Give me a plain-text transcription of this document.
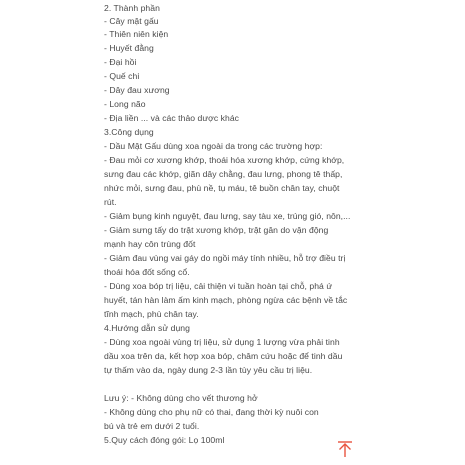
2. Thành phần
- Cây mật gấu
- Thiên niên kiện
- Huyết đằng
- Đại hồi
- Quế chi
- Dây đau xương
- Long não
- Địa liền ... và các thảo dược khác
3.Công dụng
- Dầu Mật Gấu dùng xoa ngoài da trong các trường hợp:
- Đau mỏi cơ xương khớp, thoái hóa xương khớp, cứng khớp,
sưng đau các khớp, giãn dây chằng, đau lưng, phong tê thấp,
nhức mỏi, sưng đau, phù nề, tụ máu, tê buồn chân tay, chuột
rút.
- Giảm bụng kinh nguyệt, đau lưng, say tàu xe, trúng gió, nôn,...
- Giảm sưng tấy do trật xương khớp, trật gân do vận động
mạnh hay côn trùng đốt
- Giảm đau vùng vai gáy do ngồi máy tính nhiều, hỗ trợ điều trị
thoái hóa đốt sống cổ.
- Dùng xoa bóp trị liệu, cải thiện vi tuần hoàn tại chỗ, phá ứ
huyết, tán hàn làm ấm kinh mạch, phòng ngừa các bệnh về tắc
tĩnh mạch, phù chân tay.
4.Hướng dẫn sử dụng
- Dùng xoa ngoài vùng trị liệu, sử dụng 1 lượng vừa phải tinh
dầu xoa trên da, kết hợp xoa bóp, châm cứu hoặc để tinh dầu
tự thấm vào da, ngày dung 2-3 lần tùy yêu cầu trị liệu.
Lưu ý: - Không dùng cho vết thương hở
- Không dùng cho phụ nữ có thai, đang thời kỳ nuôi con
bú và trẻ em dưới 2 tuổi.
5.Quy cách đóng gói: Lọ 100ml
